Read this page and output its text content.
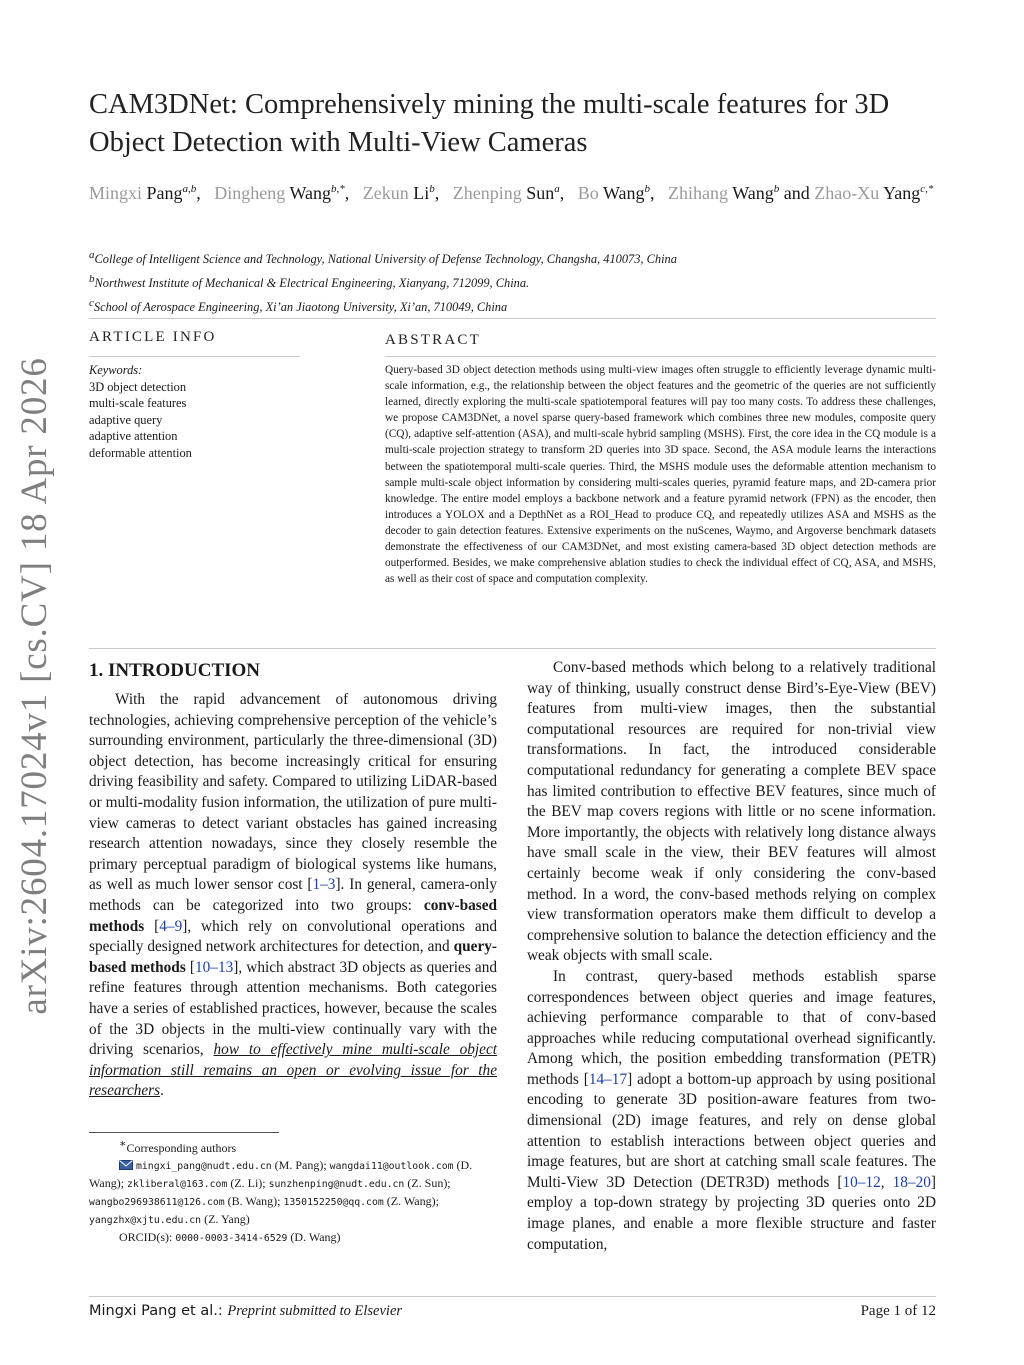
arXiv:2604.17024v1 [cs.CV] 18 Apr 2026
CAM3DNet: Comprehensively mining the multi-scale features for 3D Object Detection with Multi-View Cameras
Mingxi Pang$^{a,b}$,   Dingheng Wang$^{b,*}$,   Zekun Li$^b$,   Zhenping Sun$^a$,   Bo Wang$^b$,   Zhihang Wang$^b$ and Zhao-Xu Yang$^{c,*}$
$^a$College of Intelligent Science and Technology, National University of Defense Technology, Changsha, 410073, China
$^b$Northwest Institute of Mechanical & Electrical Engineering, Xianyang, 712099, China.
$^c$School of Aerospace Engineering, Xi’an Jiaotong University, Xi’an, 710049, China
ARTICLE INFO
Keywords:
3D object detection
multi-scale features
adaptive query
adaptive attention
deformable attention
ABSTRACT
Query-based 3D object detection methods using multi-view images often struggle to efficiently leverage dynamic multi-scale information, e.g., the relationship between the object features and the geometric of the queries are not sufficiently learned, directly exploring the multi-scale spatiotemporal features will pay too many costs. To address these challenges, we propose CAM3DNet, a novel sparse query-based framework which combines three new modules, composite query (CQ), adaptive self-attention (ASA), and multi-scale hybrid sampling (MSHS). First, the core idea in the CQ module is a multi-scale projection strategy to transform 2D queries into 3D space. Second, the ASA module learns the interactions between the spatiotemporal multi-scale queries. Third, the MSHS module uses the deformable attention mechanism to sample multi-scale object information by considering multi-scales queries, pyramid feature maps, and 2D-camera prior knowledge. The entire model employs a backbone network and a feature pyramid network (FPN) as the encoder, then introduces a YOLOX and a DepthNet as a ROI_Head to produce CQ, and repeatedly utilizes ASA and MSHS as the decoder to gain detection features. Extensive experiments on the nuScenes, Waymo, and Argoverse benchmark datasets demonstrate the effectiveness of our CAM3DNet, and most existing camera-based 3D object detection methods are outperformed. Besides, we make comprehensive ablation studies to check the individual effect of CQ, ASA, and MSHS, as well as their cost of space and computation complexity.
1. INTRODUCTION
With the rapid advancement of autonomous driving technologies, achieving comprehensive perception of the vehicle’s surrounding environment, particularly the three-dimensional (3D) object detection, has become increasingly critical for ensuring driving feasibility and safety. Compared to utilizing LiDAR-based or multi-modality fusion information, the utilization of pure multi-view cameras to detect variant obstacles has gained increasing research attention nowadays, since they closely resemble the primary perceptual paradigm of biological systems like humans, as well as much lower sensor cost [1–3]. In general, camera-only methods can be categorized into two groups: conv-based methods [4–9], which rely on convolutional operations and specially designed network architectures for detection, and query-based methods [10–13], which abstract 3D objects as queries and refine features through attention mechanisms. Both categories have a series of established practices, however, because the scales of the 3D objects in the multi-view continually vary with the driving scenarios, how to effectively mine multi-scale object information still remains an open or evolving issue for the researchers.

Conv-based methods which belong to a relatively traditional way of thinking, usually construct dense Bird’s-Eye-View (BEV) features from multi-view images, then the substantial computational resources are required for non-trivial view transformations. In fact, the introduced considerable computational redundancy for generating a complete BEV space has limited contribution to effective BEV features, since much of the BEV map covers regions with little or no scene information. More importantly, the objects with relatively long distance always have small scale in the view, their BEV features will almost certainly become weak if only considering the conv-based method. In a word, the conv-based methods relying on complex view transformation operators make them difficult to develop a comprehensive solution to balance the detection efficiency and the weak objects with small scale.

In contrast, query-based methods establish sparse correspondences between object queries and image features, achieving performance comparable to that of conv-based approaches while reducing computational overhead significantly. Among which, the position embedding transformation (PETR) methods [14–17] adopt a bottom-up approach by using positional encoding to generate 3D position-aware features from two-dimensional (2D) image features, and rely on dense global attention to establish interactions between object queries and image features, but are short at catching small scale features. The Multi-View 3D Detection (DETR3D) methods [10–12, 18–20] employ a top-down strategy by projecting 3D queries onto 2D image planes, and enable a more flexible structure and faster computation,

∗Corresponding authors
mingxi_pang@nudt.edu.cn (M. Pang); wangdai11@outlook.com (D. Wang); zkliberal@163.com (Z. Li); sunzhenping@nudt.edu.cn (Z. Sun); wangbo296938611@126.com (B. Wang); 1350152250@qq.com (Z. Wang); yangzhx@xjtu.edu.cn (Z. Yang)
ORCID(s): 0000-0003-3414-6529 (D. Wang)
Mingxi Pang et al.: Preprint submitted to Elsevier	Page 1 of 12
